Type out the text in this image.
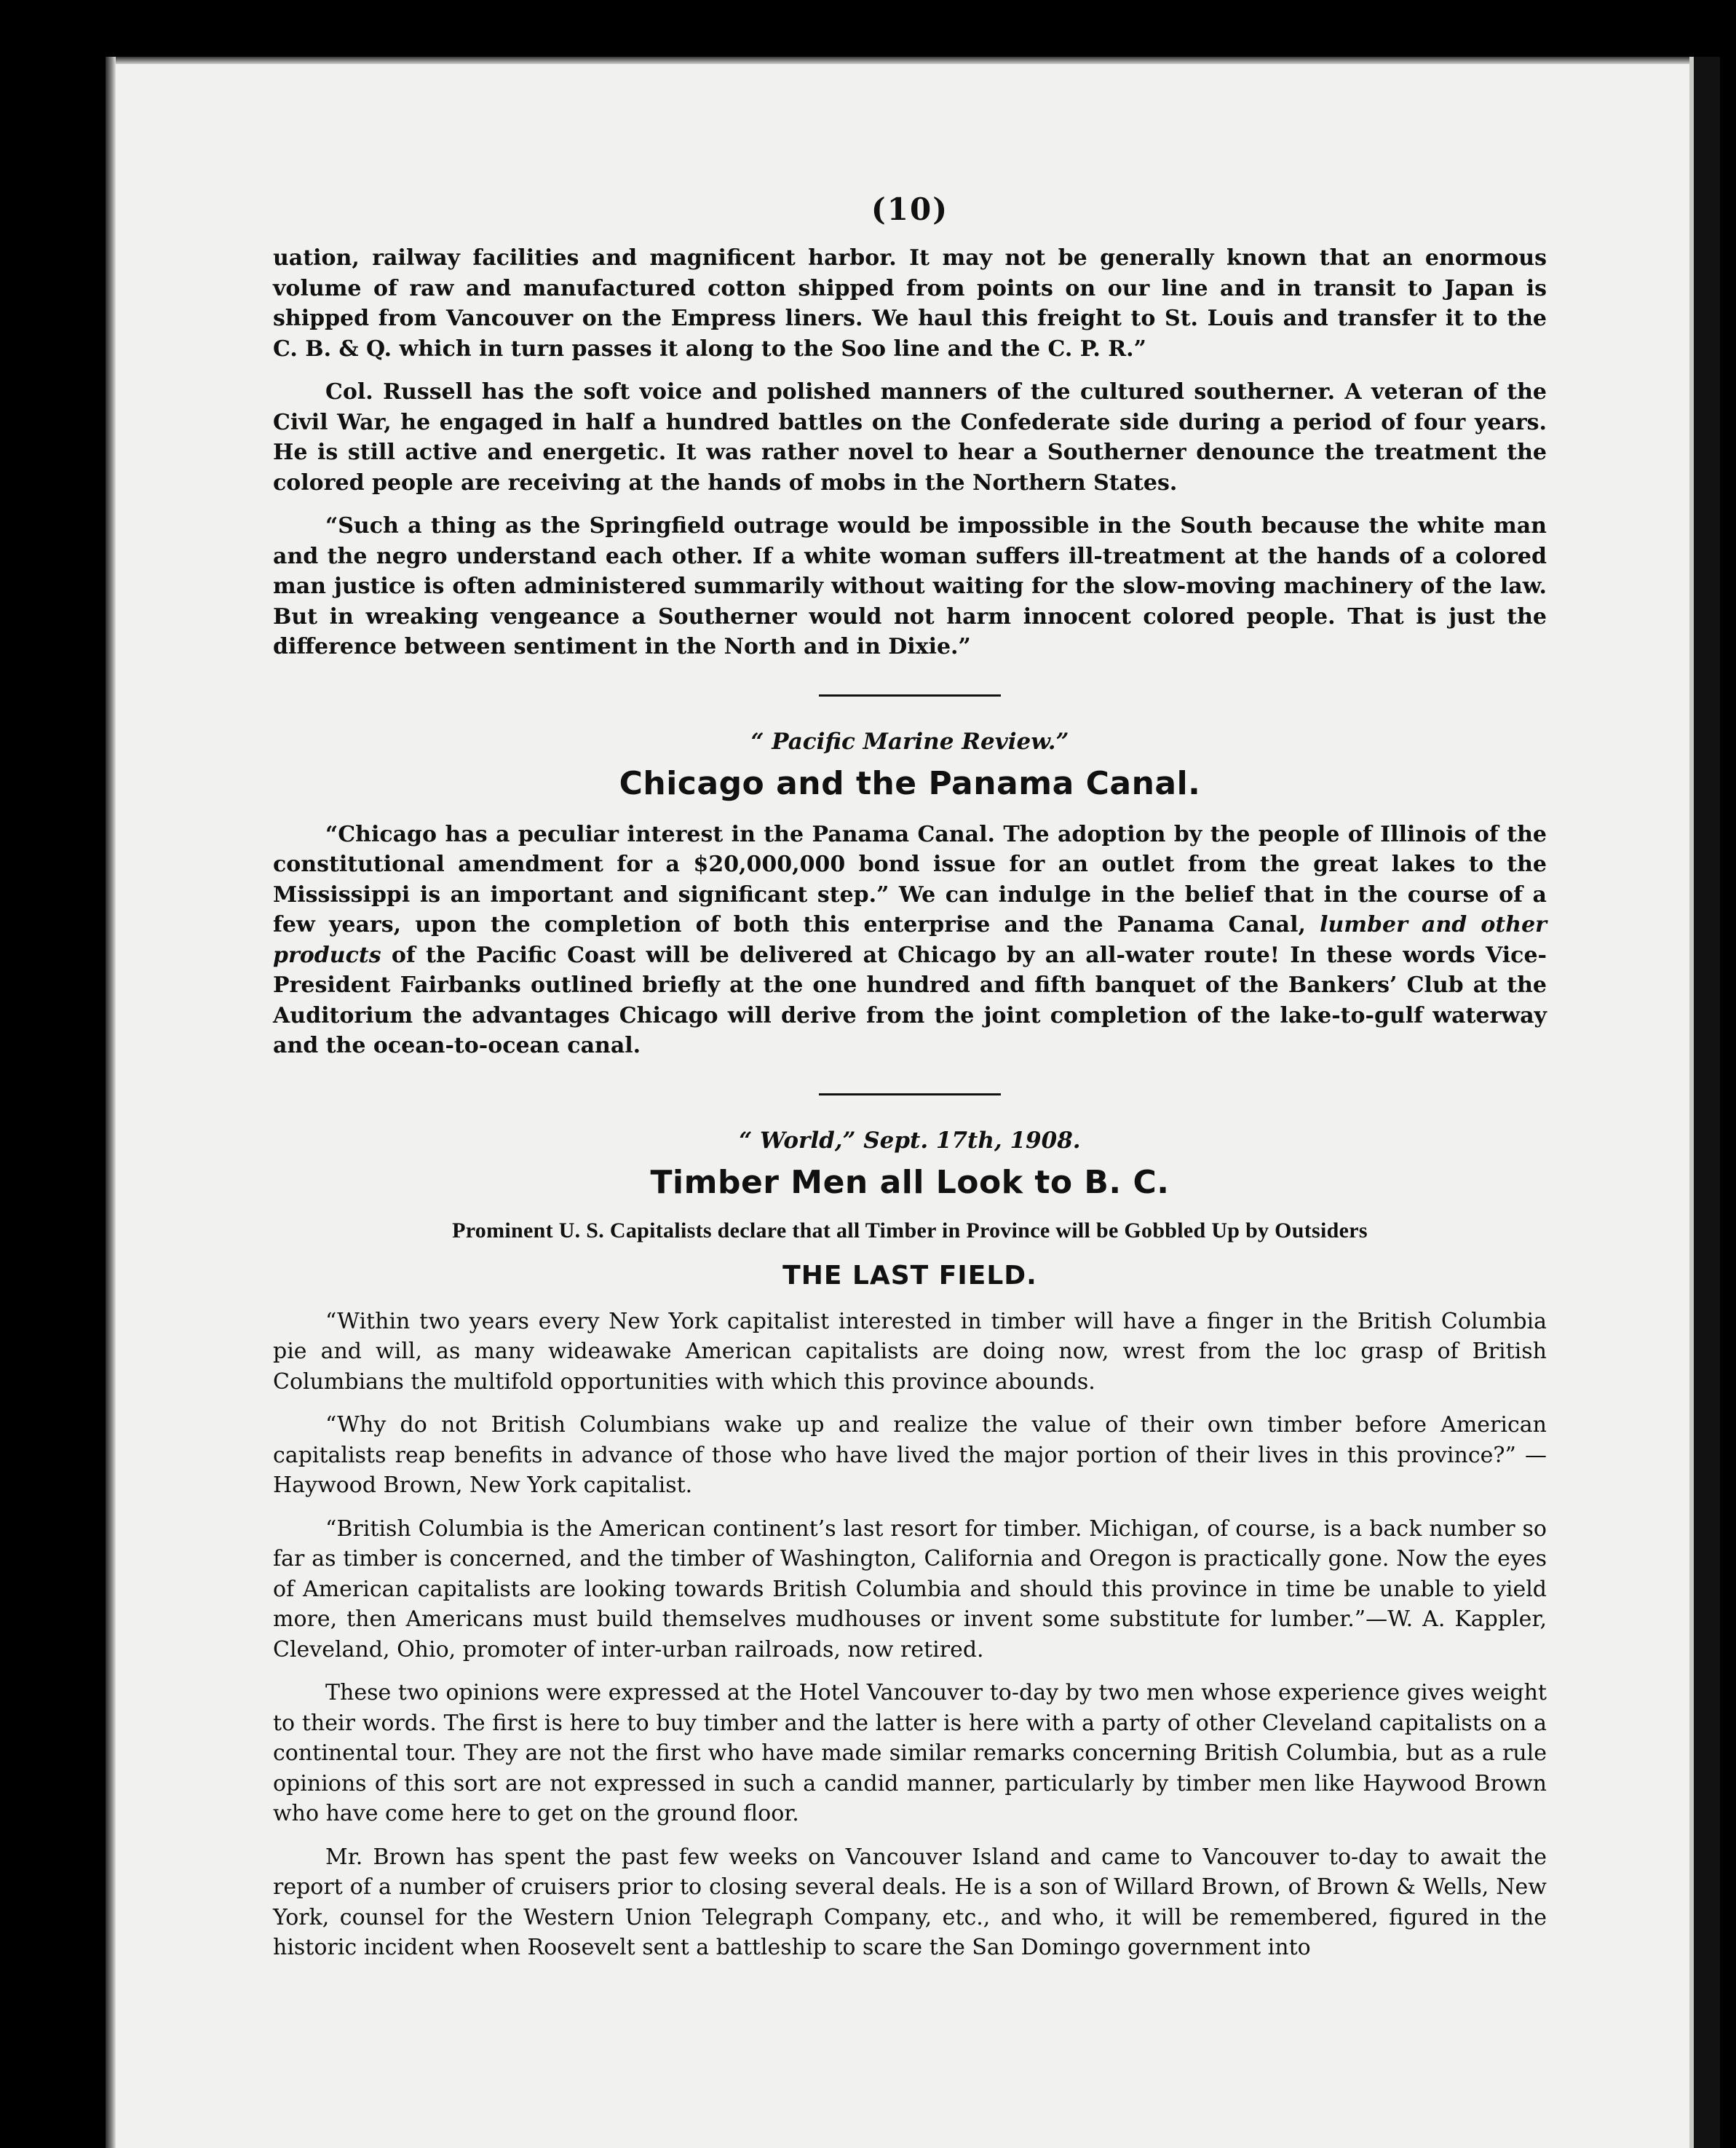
(10)

uation, railway facilities and magnificent harbor. It may not be generally known that an enormous volume of raw and manufactured cotton shipped from points on our line and in transit to Japan is shipped from Vancouver on the Empress liners. We haul this freight to St. Louis and transfer it to the C. B. & Q. which in turn passes it along to the Soo line and the C. P. R.”

Col. Russell has the soft voice and polished manners of the cultured southerner. A veteran of the Civil War, he engaged in half a hundred battles on the Confederate side during a period of four years. He is still active and energetic. It was rather novel to hear a Southerner denounce the treatment the colored people are receiving at the hands of mobs in the Northern States.

“Such a thing as the Springfield outrage would be impossible in the South because the white man and the negro understand each other. If a white woman suffers ill-treatment at the hands of a colored man justice is often administered summarily without waiting for the slow-moving machinery of the law. But in wreaking vengeance a Southerner would not harm innocent colored people. That is just the difference between sentiment in the North and in Dixie.”

“ Pacific Marine Review.”
Chicago and the Panama Canal.

“Chicago has a peculiar interest in the Panama Canal. The adoption by the people of Illinois of the constitutional amendment for a $20,000,000 bond issue for an outlet from the great lakes to the Mississippi is an important and significant step.” We can indulge in the belief that in the course of a few years, upon the completion of both this enterprise and the Panama Canal, lumber and other products of the Pacific Coast will be delivered at Chicago by an all-water route! In these words Vice-President Fairbanks outlined briefly at the one hundred and fifth banquet of the Bankers’ Club at the Auditorium the advantages Chicago will derive from the joint completion of the lake-to-gulf waterway and the ocean-to-ocean canal.

“ World,” Sept. 17th, 1908.
Timber Men all Look to B. C.
Prominent U. S. Capitalists declare that all Timber in Province will be Gobbled Up by Outsiders
THE LAST FIELD.

“Within two years every New York capitalist interested in timber will have a finger in the British Columbia pie and will, as many wideawake American capitalists are doing now, wrest from the loc grasp of British Columbians the multifold opportunities with which this province abounds.

“Why do not British Columbians wake up and realize the value of their own timber before American capitalists reap benefits in advance of those who have lived the major portion of their lives in this province?” —Haywood Brown, New York capitalist.

“British Columbia is the American continent’s last resort for timber. Michigan, of course, is a back number so far as timber is concerned, and the timber of Washington, California and Oregon is practically gone. Now the eyes of American capitalists are looking towards British Columbia and should this province in time be unable to yield more, then Americans must build themselves mudhouses or invent some substitute for lumber.”—W. A. Kappler, Cleveland, Ohio, promoter of inter-urban railroads, now retired.

These two opinions were expressed at the Hotel Vancouver to-day by two men whose experience gives weight to their words. The first is here to buy timber and the latter is here with a party of other Cleveland capitalists on a continental tour. They are not the first who have made similar remarks concerning British Columbia, but as a rule opinions of this sort are not expressed in such a candid manner, particularly by timber men like Haywood Brown who have come here to get on the ground floor.

Mr. Brown has spent the past few weeks on Vancouver Island and came to Vancouver to-day to await the report of a number of cruisers prior to closing several deals. He is a son of Willard Brown, of Brown & Wells, New York, counsel for the Western Union Telegraph Company, etc., and who, it will be remembered, figured in the historic incident when Roosevelt sent a battleship to scare the San Domingo government into
